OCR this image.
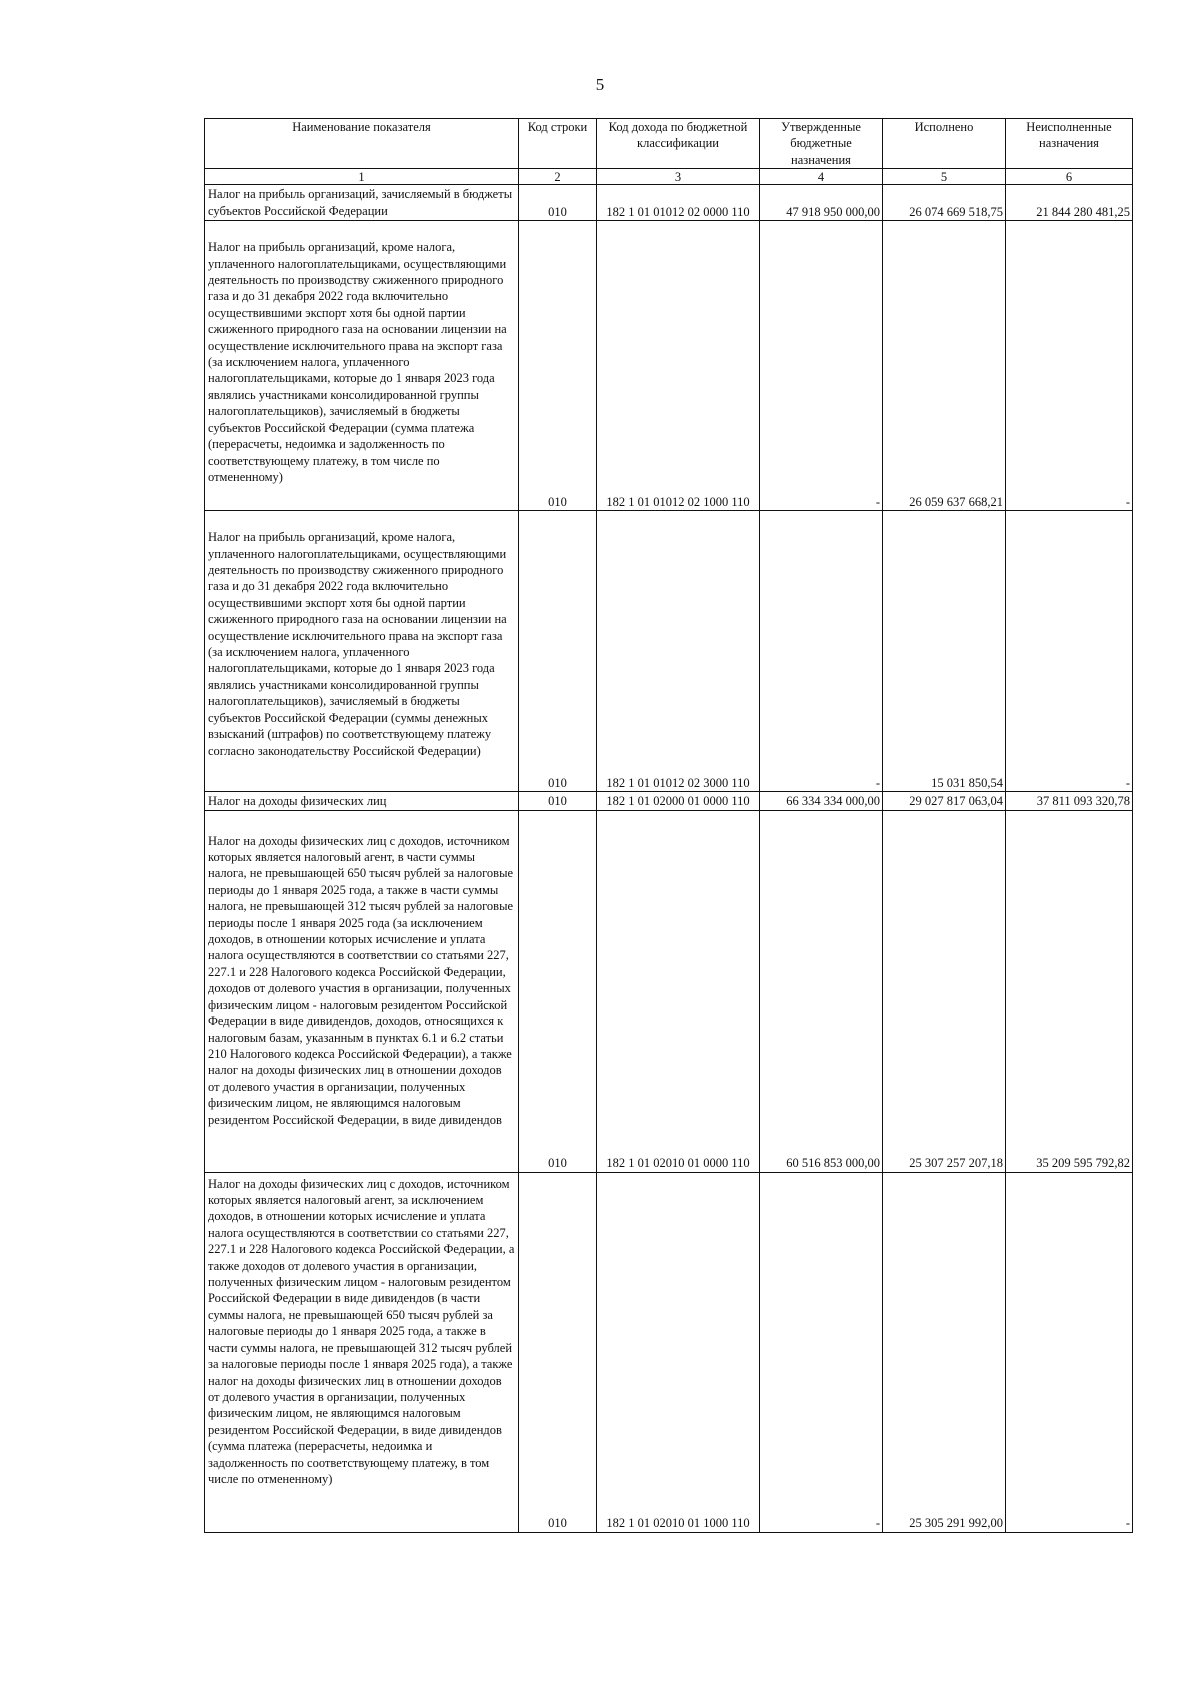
5
Наименование показателя	Код строки	Код дохода по бюджетной классификации	Утвержденные бюджетные назначения	Исполнено	Неисполненные назначения
1	2	3	4	5	6
Налог на прибыль организаций, зачисляемый в бюджеты субъектов Российской Федерации	010	182 1 01 01012 02 0000 110	47 918 950 000,00	26 074 669 518,75	21 844 280 481,25
Налог на прибыль организаций, кроме налога, уплаченного налогоплательщиками, осуществляющими деятельность по производству сжиженного природного газа и до 31 декабря 2022 года включительно осуществившими экспорт хотя бы одной партии сжиженного природного газа на основании лицензии на осуществление исключительного права на экспорт газа (за исключением налога, уплаченного налогоплательщиками, которые до 1 января 2023 года являлись участниками консолидированной группы налогоплательщиков), зачисляемый в бюджеты субъектов Российской Федерации (сумма платежа (перерасчеты, недоимка и задолженность по соответствующему платежу, в том числе по отмененному)	010	182 1 01 01012 02 1000 110	-	26 059 637 668,21	-
Налог на прибыль организаций, кроме налога, уплаченного налогоплательщиками, осуществляющими деятельность по производству сжиженного природного газа и до 31 декабря 2022 года включительно осуществившими экспорт хотя бы одной партии сжиженного природного газа на основании лицензии на осуществление исключительного права на экспорт газа (за исключением налога, уплаченного налогоплательщиками, которые до 1 января 2023 года являлись участниками консолидированной группы налогоплательщиков), зачисляемый в бюджеты субъектов Российской Федерации (суммы денежных взысканий (штрафов) по соответствующему платежу согласно законодательству Российской Федерации)	010	182 1 01 01012 02 3000 110	-	15 031 850,54	-
Налог на доходы физических лиц	010	182 1 01 02000 01 0000 110	66 334 334 000,00	29 027 817 063,04	37 811 093 320,78
Налог на доходы физических лиц с доходов, источником которых является налоговый агент, в части суммы налога, не превышающей 650 тысяч рублей за налоговые периоды до 1 января 2025 года, а также в части суммы налога, не превышающей 312 тысяч рублей за налоговые периоды после 1 января 2025 года (за исключением доходов, в отношении которых исчисление и уплата налога осуществляются в соответствии со статьями 227, 227.1 и 228 Налогового кодекса Российской Федерации, доходов от долевого участия в организации, полученных физическим лицом - налоговым резидентом Российской Федерации в виде дивидендов, доходов, относящихся к налоговым базам, указанным в пунктах 6.1 и 6.2 статьи 210 Налогового кодекса Российской Федерации), а также налог на доходы физических лиц в отношении доходов от долевого участия в организации, полученных физическим лицом, не являющимся налоговым резидентом Российской Федерации, в виде дивидендов	010	182 1 01 02010 01 0000 110	60 516 853 000,00	25 307 257 207,18	35 209 595 792,82
Налог на доходы физических лиц с доходов, источником которых является налоговый агент, за исключением доходов, в отношении которых исчисление и уплата налога осуществляются в соответствии со статьями 227, 227.1 и 228 Налогового кодекса Российской Федерации, а также доходов от долевого участия в организации, полученных физическим лицом - налоговым резидентом Российской Федерации в виде дивидендов (в части суммы налога, не превышающей 650 тысяч рублей за налоговые периоды до 1 января 2025 года, а также в части суммы налога, не превышающей 312 тысяч рублей за налоговые периоды после 1 января 2025 года), а также налог на доходы физических лиц в отношении доходов от долевого участия в организации, полученных физическим лицом, не являющимся налоговым резидентом Российской Федерации, в виде дивидендов (сумма платежа (перерасчеты, недоимка и задолженность по соответствующему платежу, в том числе по отмененному)	010	182 1 01 02010 01 1000 110	-	25 305 291 992,00	-
